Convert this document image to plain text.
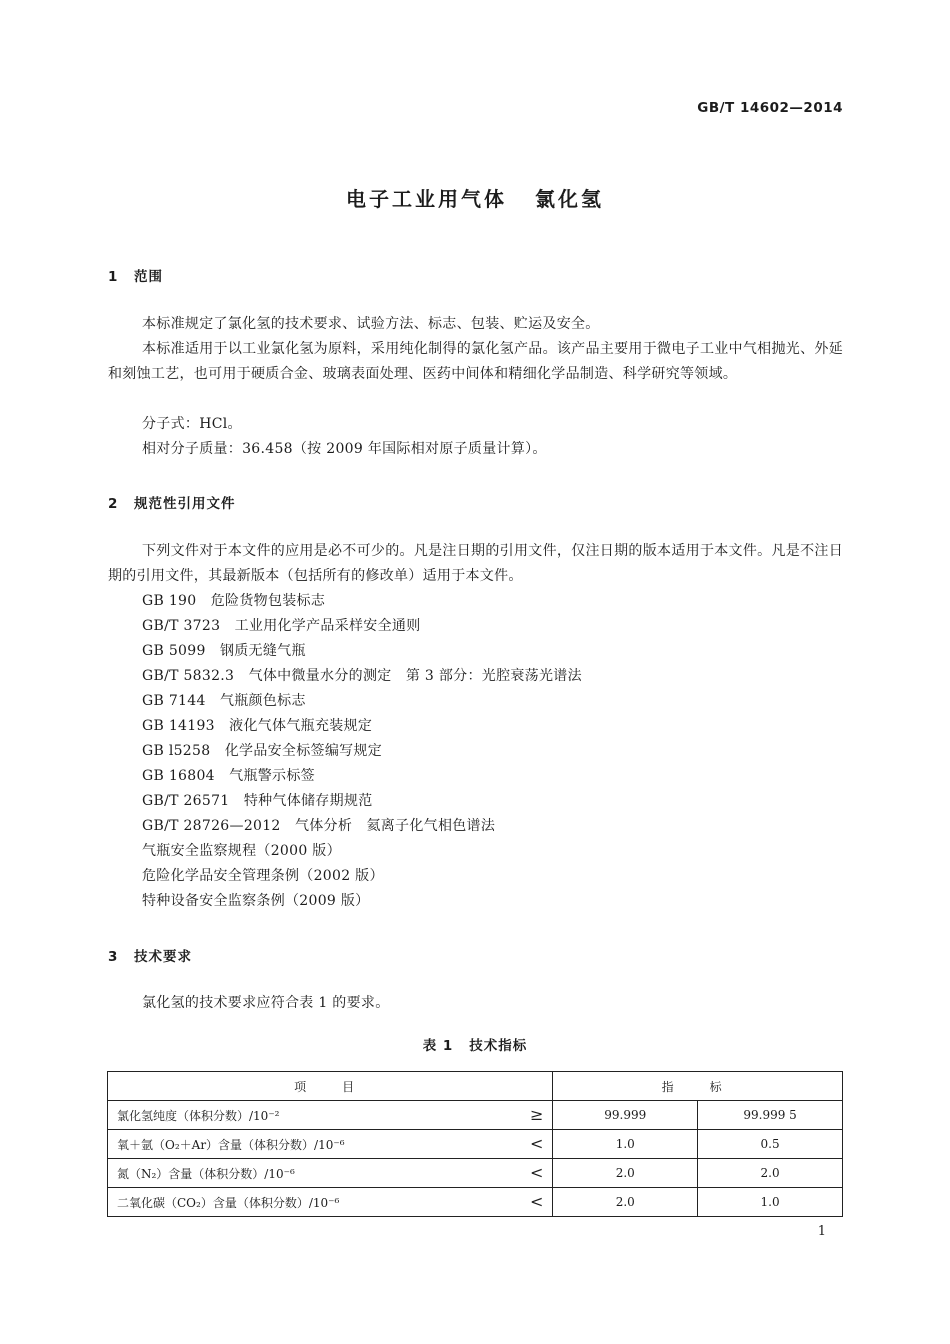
GB/T 14602—2014
电子工业用气体 氯化氢
1 范围
本标准规定了氯化氢的技术要求、试验方法、标志、包装、贮运及安全。
本标准适用于以工业氯化氢为原料，采用纯化制得的氯化氢产品。该产品主要用于微电子工业中气相抛光、外延和刻蚀工艺，也可用于硬质合金、玻璃表面处理、医药中间体和精细化学品制造、科学研究等领域。
分子式：HCl。
相对分子质量：36.458（按 2009 年国际相对原子质量计算）。
2 规范性引用文件
下列文件对于本文件的应用是必不可少的。凡是注日期的引用文件，仅注日期的版本适用于本文件。凡是不注日期的引用文件，其最新版本（包括所有的修改单）适用于本文件。
GB 190　危险货物包装标志
GB/T 3723　工业用化学产品采样安全通则
GB 5099　钢质无缝气瓶
GB/T 5832.3　气体中微量水分的测定　第 3 部分：光腔衰荡光谱法
GB 7144　气瓶颜色标志
GB 14193　液化气体气瓶充装规定
GB l5258　化学品安全标签编写规定
GB 16804　气瓶警示标签
GB/T 26571　特种气体储存期规范
GB/T 28726—2012　气体分析　氦离子化气相色谱法
气瓶安全监察规程（2000 版）
危险化学品安全管理条例（2002 版）
特种设备安全监察条例（2009 版）
3 技术要求
氯化氢的技术要求应符合表 1 的要求。
表 1 技术指标
项　目	指　标	
氯化氢纯度（体积分数）/10⁻² ≥	99.999	99.999 5
氧＋氩（O₂＋Ar）含量（体积分数）/10⁻⁶ <	1.0	0.5
氮（N₂）含量（体积分数）/10⁻⁶ <	2.0	2.0
二氧化碳（CO₂）含量（体积分数）/10⁻⁶ <	2.0	1.0
1
